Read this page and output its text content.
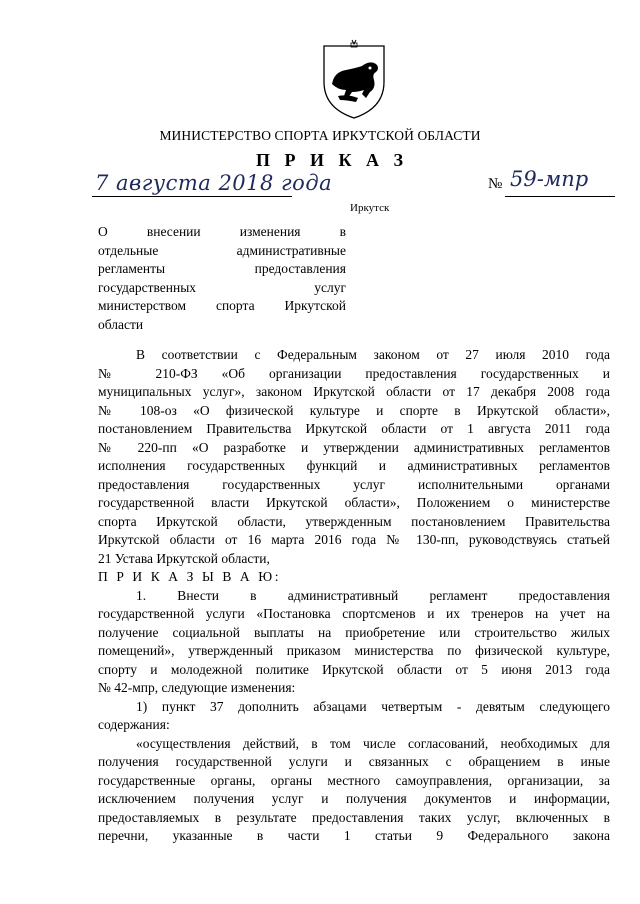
МИНИСТЕРСТВО СПОРТА ИРКУТСКОЙ ОБЛАСТИ
П Р И К А З
7 августа 2018 года	№ 59-мпр
Иркутск
О внесении изменения в
отдельные административные
регламенты предоставления
государственных услуг
министерством спорта Иркутской
области
В соответствии с Федеральным законом от 27 июля 2010 года
№ 210-ФЗ «Об организации предоставления государственных и
муниципальных услуг», законом Иркутской области от 17 декабря 2008 года
№ 108-оз «О физической культуре и спорте в Иркутской области»,
постановлением Правительства Иркутской области от 1 августа 2011 года
№ 220-пп «О разработке и утверждении административных регламентов
исполнения государственных функций и административных регламентов
предоставления государственных услуг исполнительными органами
государственной власти Иркутской области», Положением о министерстве
спорта Иркутской области, утвержденным постановлением Правительства
Иркутской области от 16 марта 2016 года № 130-пп, руководствуясь статьей
21 Устава Иркутской области,
П Р И К А З Ы В А Ю:
1. Внести в административный регламент предоставления
государственной услуги «Постановка спортсменов и их тренеров на учет на
получение социальной выплаты на приобретение или строительство жилых
помещений», утвержденный приказом министерства по физической культуре,
спорту и молодежной политике Иркутской области от 5 июня 2013 года
№ 42-мпр, следующие изменения:
1) пункт 37 дополнить абзацами четвертым - девятым следующего
содержания:
«осуществления действий, в том числе согласований, необходимых для
получения государственной услуги и связанных с обращением в иные
государственные органы, органы местного самоуправления, организации, за
исключением получения услуг и получения документов и информации,
предоставляемых в результате предоставления таких услуг, включенных в
перечни, указанные в части 1 статьи 9 Федерального закона
